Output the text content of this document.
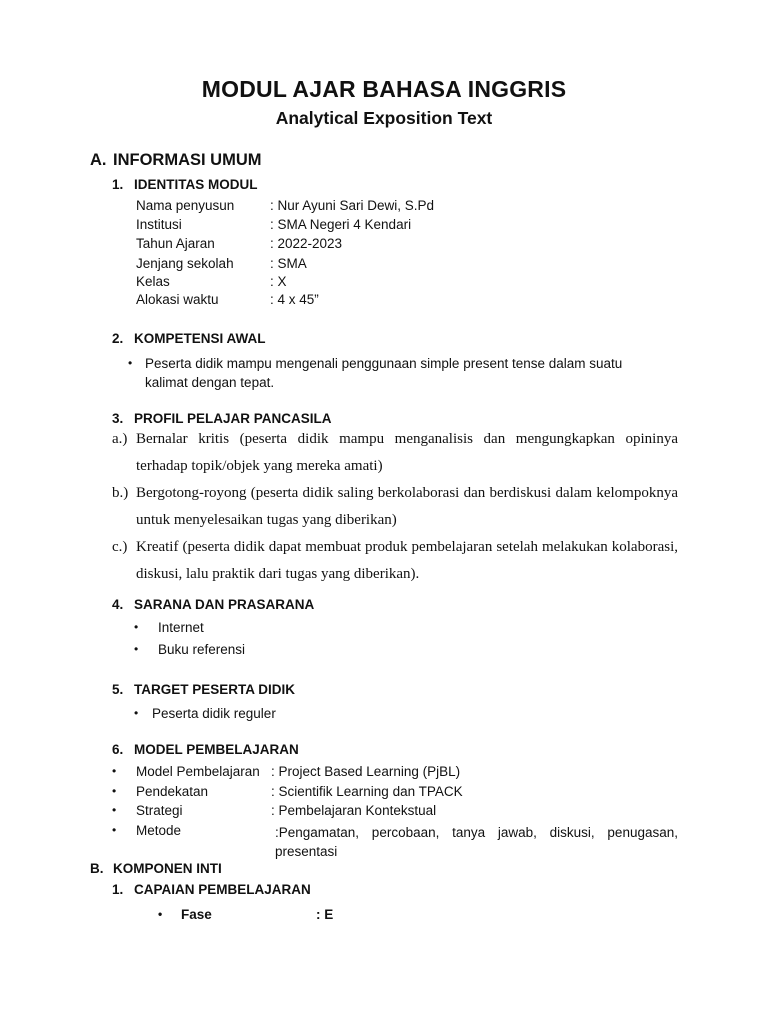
MODUL AJAR BAHASA INGGRIS
Analytical Exposition Text
A. INFORMASI UMUM
1. IDENTITAS MODUL
Nama penyusun	: Nur Ayuni Sari Dewi, S.Pd
Institusi	: SMA Negeri 4 Kendari
Tahun Ajaran	: 2022-2023
Jenjang sekolah	: SMA
Kelas	: X
Alokasi waktu	: 4 x 45”
2. KOMPETENSI AWAL
• Peserta didik mampu mengenali penggunaan simple present tense dalam suatu kalimat dengan tepat.
3. PROFIL PELAJAR PANCASILA
a.) Bernalar kritis (peserta didik mampu menganalisis dan mengungkapkan opininya terhadap topik/objek yang mereka amati)
b.) Bergotong-royong (peserta didik saling berkolaborasi dan berdiskusi dalam kelompoknya untuk menyelesaikan tugas yang diberikan)
c.) Kreatif (peserta didik dapat membuat produk pembelajaran setelah melakukan kolaborasi, diskusi, lalu praktik dari tugas yang diberikan).
4. SARANA DAN PRASARANA
• Internet
• Buku referensi
5. TARGET PESERTA DIDIK
• Peserta didik reguler
6. MODEL PEMBELAJARAN
• Model Pembelajaran : Project Based Learning (PjBL)
• Pendekatan	: Scientifik Learning dan TPACK
• Strategi	: Pembelajaran Kontekstual
• Metode	:Pengamatan, percobaan, tanya jawab, diskusi, penugasan, presentasi
B. KOMPONEN INTI
1. CAPAIAN PEMBELAJARAN
• Fase	: E
